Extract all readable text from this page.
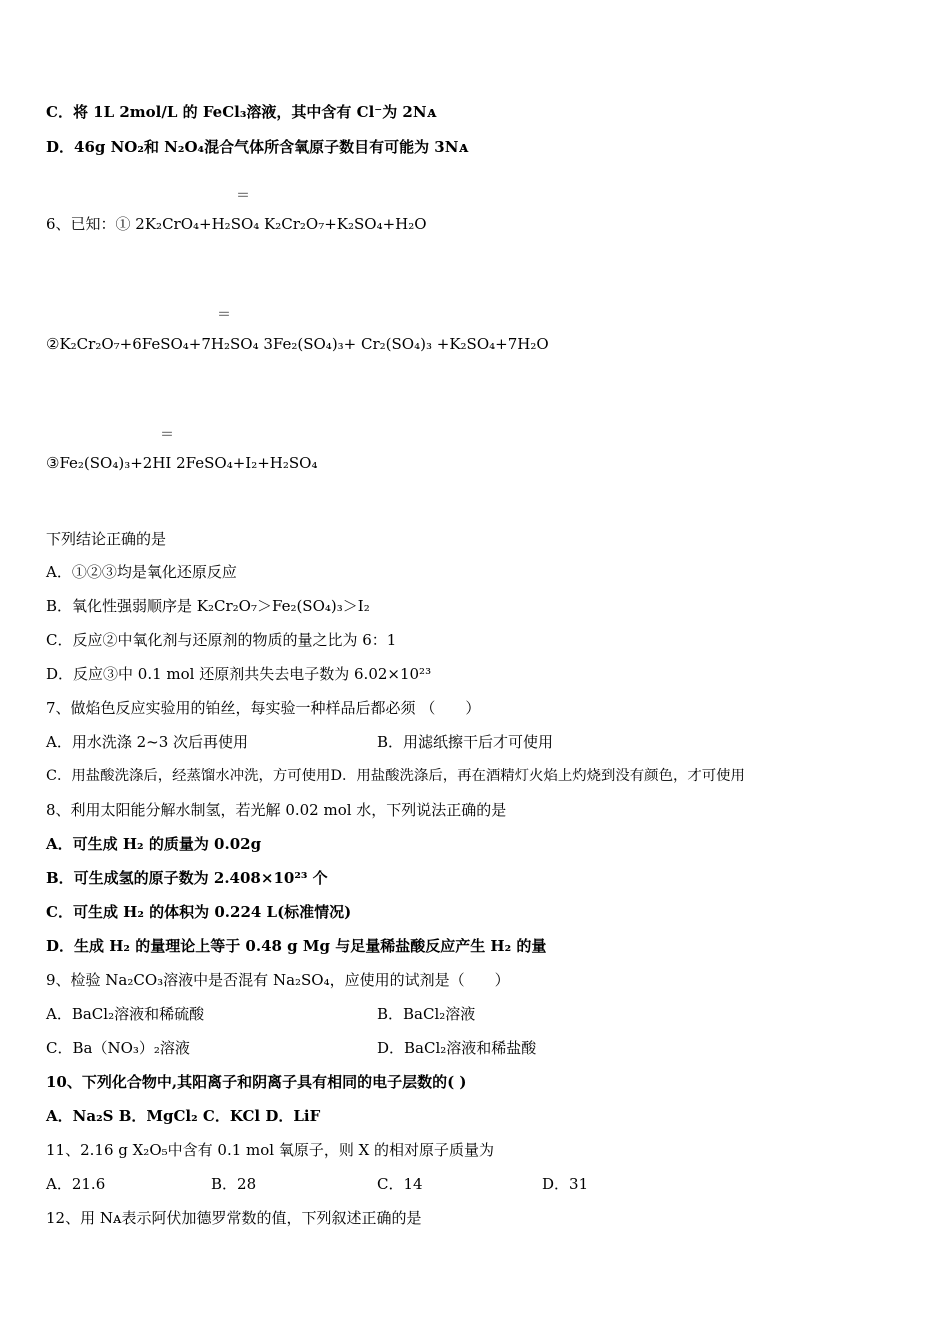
C．将 1L 2mol/L 的 FeCl₃溶液，其中含有 Cl⁻为 2Nᴀ
D．46g NO₂和 N₂O₄混合气体所含氧原子数目有可能为 3Nᴀ
＝
6、已知：① 2K₂CrO₄+H₂SO₄ K₂Cr₂O₇+K₂SO₄+H₂O
＝
②K₂Cr₂O₇+6FeSO₄+7H₂SO₄ 3Fe₂(SO₄)₃+ Cr₂(SO₄)₃ +K₂SO₄+7H₂O
＝
③Fe₂(SO₄)₃+2HI 2FeSO₄+I₂+H₂SO₄
下列结论正确的是
A．①②③均是氧化还原反应
B．氧化性强弱顺序是 K₂Cr₂O₇＞Fe₂(SO₄)₃＞I₂
C．反应②中氧化剂与还原剂的物质的量之比为 6：1
D．反应③中 0.1 mol 还原剂共失去电子数为 6.02×10²³
7、做焰色反应实验用的铂丝，每实验一种样品后都必须 （　　）
A．用水洗涤 2~3 次后再使用	B．用滤纸擦干后才可使用
C．用盐酸洗涤后，经蒸馏水冲洗，方可使用D．用盐酸洗涤后，再在酒精灯火焰上灼烧到没有颜色，才可使用
8、利用太阳能分解水制氢，若光解 0.02 mol 水，下列说法正确的是
A．可生成 H₂ 的质量为 0.02g
B．可生成氢的原子数为 2.408×10²³ 个
C．可生成 H₂ 的体积为 0.224 L(标准情况)
D．生成 H₂ 的量理论上等于 0.48 g Mg 与足量稀盐酸反应产生 H₂ 的量
9、检验 Na₂CO₃溶液中是否混有 Na₂SO₄，应使用的试剂是（　　）
A．BaCl₂溶液和稀硫酸	B．BaCl₂溶液
C．Ba（NO₃）₂溶液	D．BaCl₂溶液和稀盐酸
10、下列化合物中,其阳离子和阴离子具有相同的电子层数的( )
A．Na₂S B．MgCl₂ C．KCl D．LiF
11、2.16 g X₂O₅中含有 0.1 mol 氧原子，则 X 的相对原子质量为
A．21.6	B．28	C．14	D．31
12、用 Nᴀ表示阿伏加德罗常数的值，下列叙述正确的是
